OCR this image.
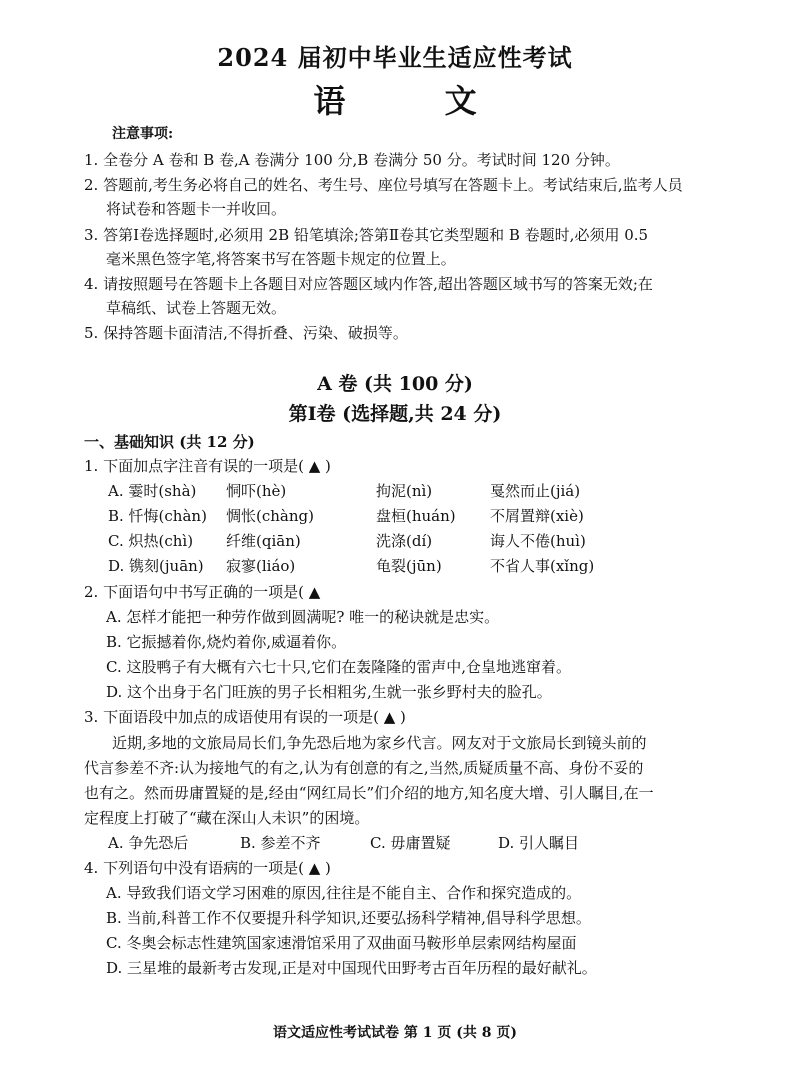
2024 届初中毕业生适应性考试
语 文
注意事项:
1. 全卷分 A 卷和 B 卷,A 卷满分 100 分,B 卷满分 50 分。考试时间 120 分钟。
2. 答题前,考生务必将自己的姓名、考生号、座位号填写在答题卡上。考试结束后,监考人员
将试卷和答题卡一并收回。
3. 答第Ⅰ卷选择题时,必须用 2B 铅笔填涂;答第Ⅱ卷其它类型题和 B 卷题时,必须用 0.5
毫米黑色签字笔,将答案书写在答题卡规定的位置上。
4. 请按照题号在答题卡上各题目对应答题区域内作答,超出答题区域书写的答案无效;在
草稿纸、试卷上答题无效。
5. 保持答题卡面清洁,不得折叠、污染、破损等。
A 卷 (共 100 分)
第Ⅰ卷 (选择题,共 24 分)
一、基础知识 (共 12 分)
1. 下面加点字注音有误的一项是( ▲ )
A. 霎时(shà) 恫吓(hè)	拘泥(nì)	戛然而止(jiá)
B. 忏悔(chàn) 惆怅(chàng)	盘桓(huán) 不屑置辩(xiè)
C. 炽热(chì) 纤维(qiān)	洗涤(dí)	诲人不倦(huì)
D. 镌刻(juān) 寂寥(liáo)	龟裂(jūn)	不省人事(xǐng)
2. 下面语句中书写正确的一项是( ▲
A. 怎样才能把一种劳作做到圆满呢? 唯一的秘诀就是忠实。
B. 它振撼着你,烧灼着你,威逼着你。
C. 这股鸭子有大概有六七十只,它们在轰隆隆的雷声中,仓皇地逃窜着。
D. 这个出身于名门旺族的男子长相粗劣,生就一张乡野村夫的脸孔。
3. 下面语段中加点的成语使用有误的一项是( ▲ )
近期,多地的文旅局局长们,争先恐后地为家乡代言。网友对于文旅局长到镜头前的
代言参差不齐:认为接地气的有之,认为有创意的有之,当然,质疑质量不高、身份不妥的
也有之。然而毋庸置疑的是,经由“网红局长”们介绍的地方,知名度大增、引人瞩目,在一
定程度上打破了“藏在深山人未识”的困境。
A. 争先恐后	B. 参差不齐	C. 毋庸置疑	D. 引人瞩目
4. 下列语句中没有语病的一项是( ▲ )
A. 导致我们语文学习困难的原因,往往是不能自主、合作和探究造成的。
B. 当前,科普工作不仅要提升科学知识,还要弘扬科学精神,倡导科学思想。
C. 冬奥会标志性建筑国家速滑馆采用了双曲面马鞍形单层索网结构屋面
D. 三星堆的最新考古发现,正是对中国现代田野考古百年历程的最好献礼。
语文适应性考试试卷 第 1 页 (共 8 页)
